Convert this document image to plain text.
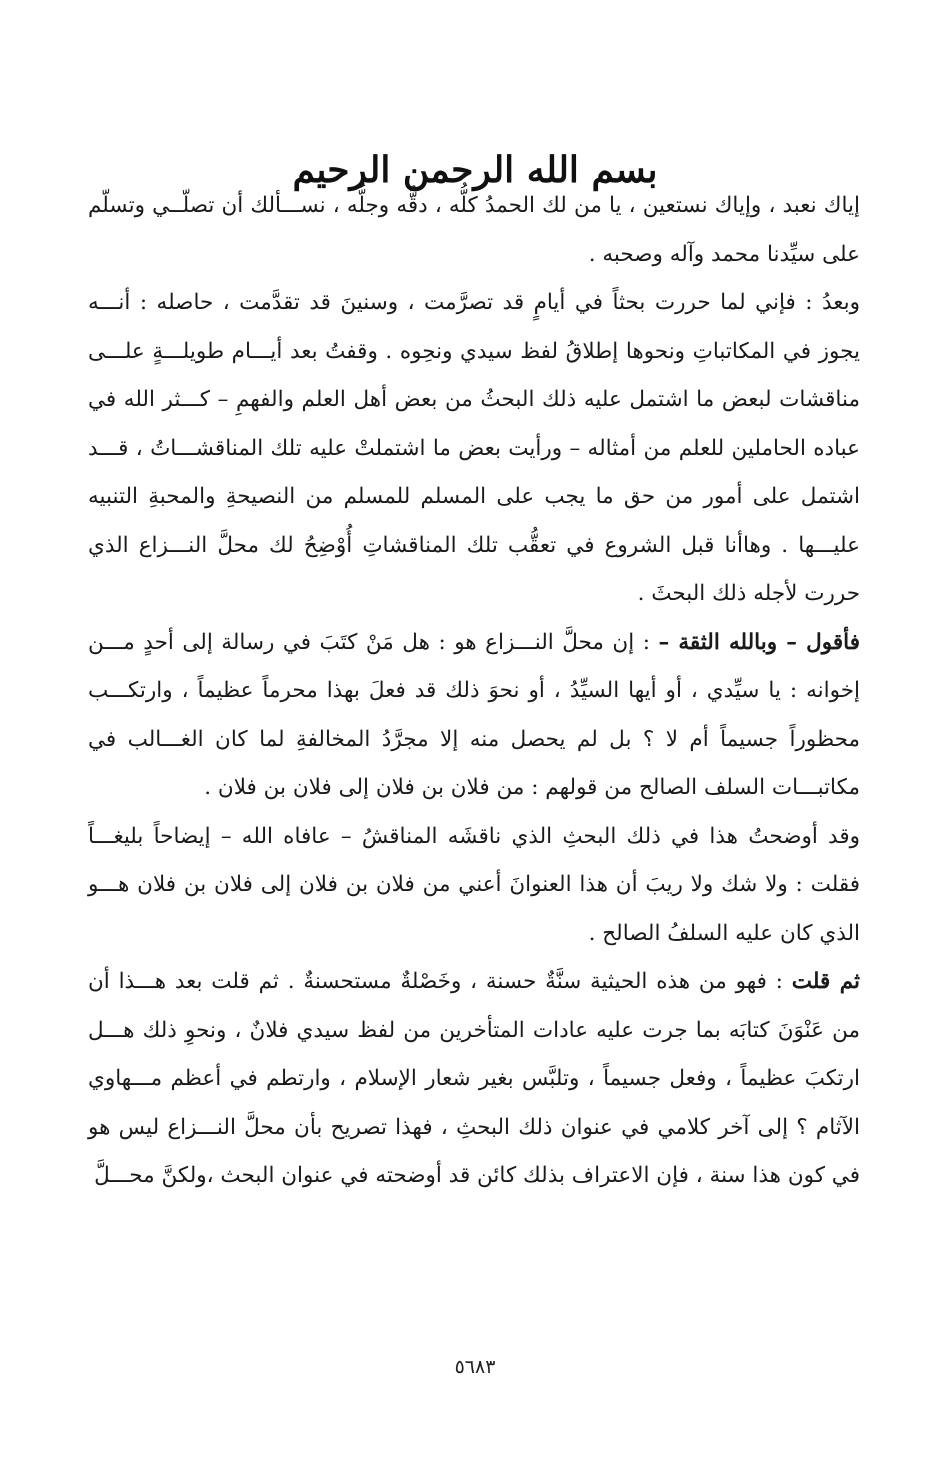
بسم الله الرحمن الرحيم

إياك نعبد ، وإياك نستعين ، يا من لك الحمدُ كلُّه ، دقُّه وجلُّه ، نســـألك أن تصلّــي وتسلّم على سيِّدنا محمد وآله وصحبه .

وبعدُ : فإني لما حررت بحثاً في أيامٍ قد تصرَّمت ، وسنينَ قد تقدَّمت ، حاصله : أنـــه يجوز في المكاتباتِ ونحوها إطلاقُ لفظ سيدي ونحِوه . وقفتُ بعد أيـــام طويلـــةٍ علـــى مناقشات لبعض ما اشتمل عليه ذلك البحثُ من بعض أهل العلم والفهمِ – كـــثر الله في عباده الحاملين للعلم من أمثاله – ورأيت بعض ما اشتملتْ عليه تلك المناقشـــاتُ ، قـــد اشتمل على أمور من حق ما يجب على المسلم للمسلم من النصيحةِ والمحبةِ التنبيه عليـــها . وهاأنا قبل الشروع في تعقُّب تلك المناقشاتِ أُوْضِحُ لك محلَّ النـــزاع الذي حررت لأجله ذلك البحثَ .

فأقول – وبالله الثقة – : إن محلَّ النـــزاع هو : هل مَنْ كتَبَ في رسالة إلى أحدٍ مـــن إخوانه : يا سيِّدي ، أو أيها السيِّدُ ، أو نحوَ ذلك قد فعلَ بهذا محرماً عظيماً ، وارتكـــب محظوراً جسيماً أم لا ؟ بل لم يحصل منه إلا مجرَّدُ المخالفةِ لما كان الغـــالب في مكاتبـــات السلف الصالح من قولهم : من فلان بن فلان إلى فلان بن فلان .

وقد أوضحتُ هذا في ذلك البحثِ الذي ناقشَه المناقشُ – عافاه الله – إيضاحاً بليغـــاً فقلت : ولا شك ولا ريبَ أن هذا العنوانَ أعني من فلان بن فلان إلى فلان بن فلان هـــو الذي كان عليه السلفُ الصالح .

ثم قلت : فهو من هذه الحيثية سنَّةٌ حسنة ، وخَصْلةٌ مستحسنةٌ . ثم قلت بعد هـــذا أن من عَنْوَنَ كتابَه بما جرت عليه عادات المتأخرين من لفظ سيدي فلانٌ ، ونحوِ ذلك هـــل ارتكبَ عظيماً ، وفعل جسيماً ، وتلبَّس بغير شعار الإسلام ، وارتطم في أعظم مـــهاوي الآثام ؟ إلى آخر كلامي في عنوان ذلك البحثِ ، فهذا تصريح بأن محلَّ النـــزاع ليس هو في كون هذا سنة ، فإن الاعتراف بذلك كائن قد أوضحته في عنوان البحث ،ولكنَّ محـــلَّ

٥٦٨٣
